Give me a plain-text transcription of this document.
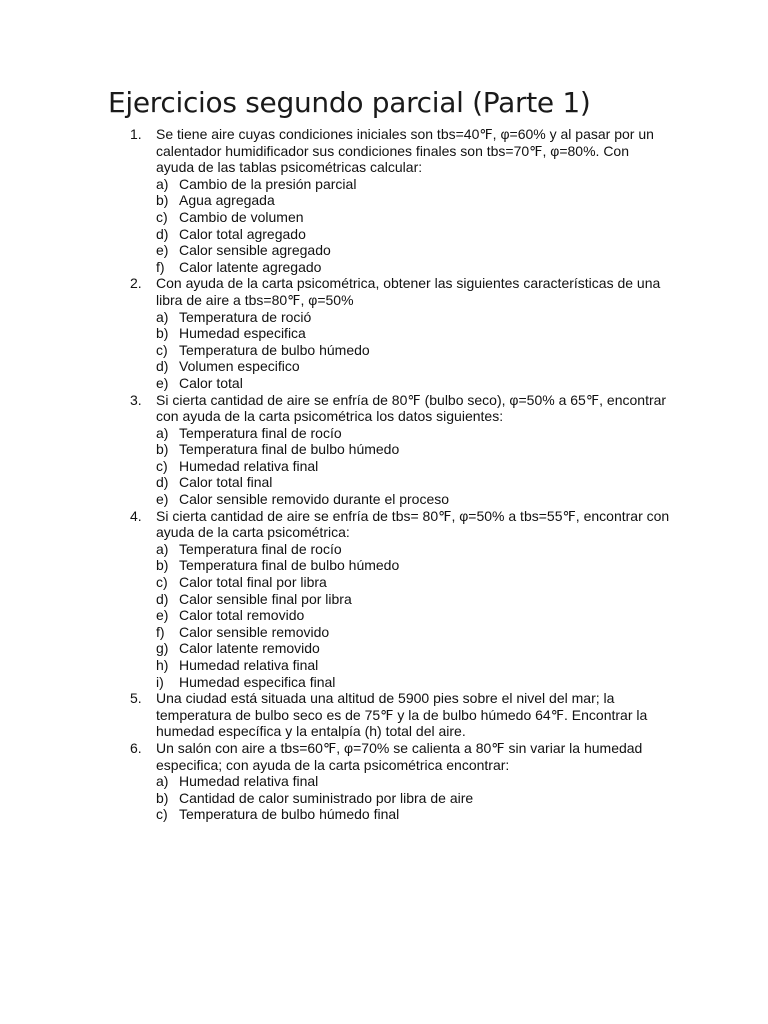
Ejercicios segundo parcial (Parte 1)
1. Se tiene aire cuyas condiciones iniciales son tbs=40℉, φ=60% y al pasar por un calentador humidificador sus condiciones finales son tbs=70℉, φ=80%. Con ayuda de las tablas psicométricas calcular:
a) Cambio de la presión parcial
b) Agua agregada
c) Cambio de volumen
d) Calor total agregado
e) Calor sensible agregado
f) Calor latente agregado
2. Con ayuda de la carta psicométrica, obtener las siguientes características de una libra de aire a tbs=80℉, φ=50%
a) Temperatura de roció
b) Humedad especifica
c) Temperatura de bulbo húmedo
d) Volumen especifico
e) Calor total
3. Si cierta cantidad de aire se enfría de 80℉ (bulbo seco), φ=50% a 65℉, encontrar con ayuda de la carta psicométrica los datos siguientes:
a) Temperatura final de rocío
b) Temperatura final de bulbo húmedo
c) Humedad relativa final
d) Calor total final
e) Calor sensible removido durante el proceso
4. Si cierta cantidad de aire se enfría de tbs= 80℉, φ=50% a tbs=55℉, encontrar con ayuda de la carta psicométrica:
a) Temperatura final de rocío
b) Temperatura final de bulbo húmedo
c) Calor total final por libra
d) Calor sensible final por libra
e) Calor total removido
f) Calor sensible removido
g) Calor latente removido
h) Humedad relativa final
i) Humedad especifica final
5. Una ciudad está situada una altitud de 5900 pies sobre el nivel del mar; la temperatura de bulbo seco es de 75℉ y la de bulbo húmedo 64℉. Encontrar la humedad específica y la entalpía (h) total del aire.
6. Un salón con aire a tbs=60℉, φ=70% se calienta a 80℉ sin variar la humedad especifica; con ayuda de la carta psicométrica encontrar:
a) Humedad relativa final
b) Cantidad de calor suministrado por libra de aire
c) Temperatura de bulbo húmedo final
